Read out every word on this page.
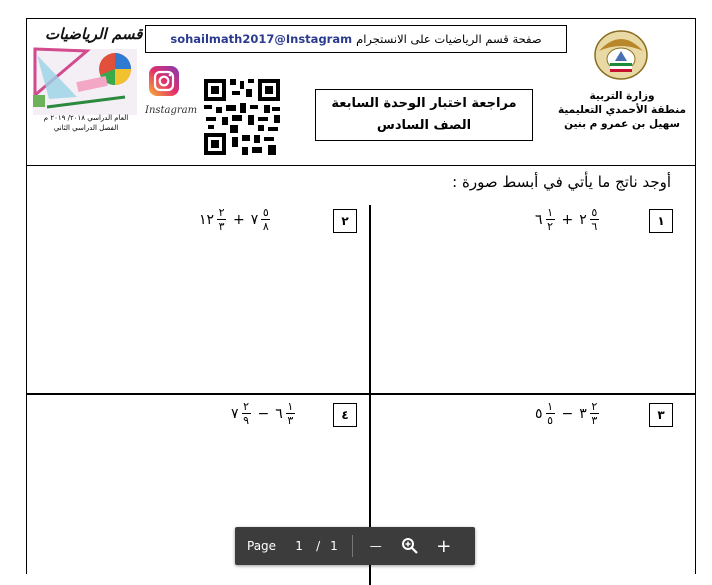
قسم الرياضيات
العام الدراسي ٢٠١٨/ ٢٠١٩ م
الفصل الدراسي الثاني
Instagram
صفحة قسم الرياضيات على الانستجرام
sohailmath2017@Instagram
مراجعة اختبار الوحدة السابعة
الصف السادس
وزارة التربية
منطقة الأحمدي التعليمية
سهيل بن عمرو م بنين
أوجد ناتج ما يأتي في أبسط صورة :
١
٦ $\frac{١}{٢}$ + ٢ $\frac{٥}{٦}$
٢
١٢ $\frac{٢}{٣}$ + ٧ $\frac{٥}{٨}$
٣
٥ $\frac{١}{٥}$ − ٣ $\frac{٢}{٣}$
٤
٧ $\frac{٢}{٩}$ − ٦ $\frac{١}{٣}$
Page 1 / 1	—	+
